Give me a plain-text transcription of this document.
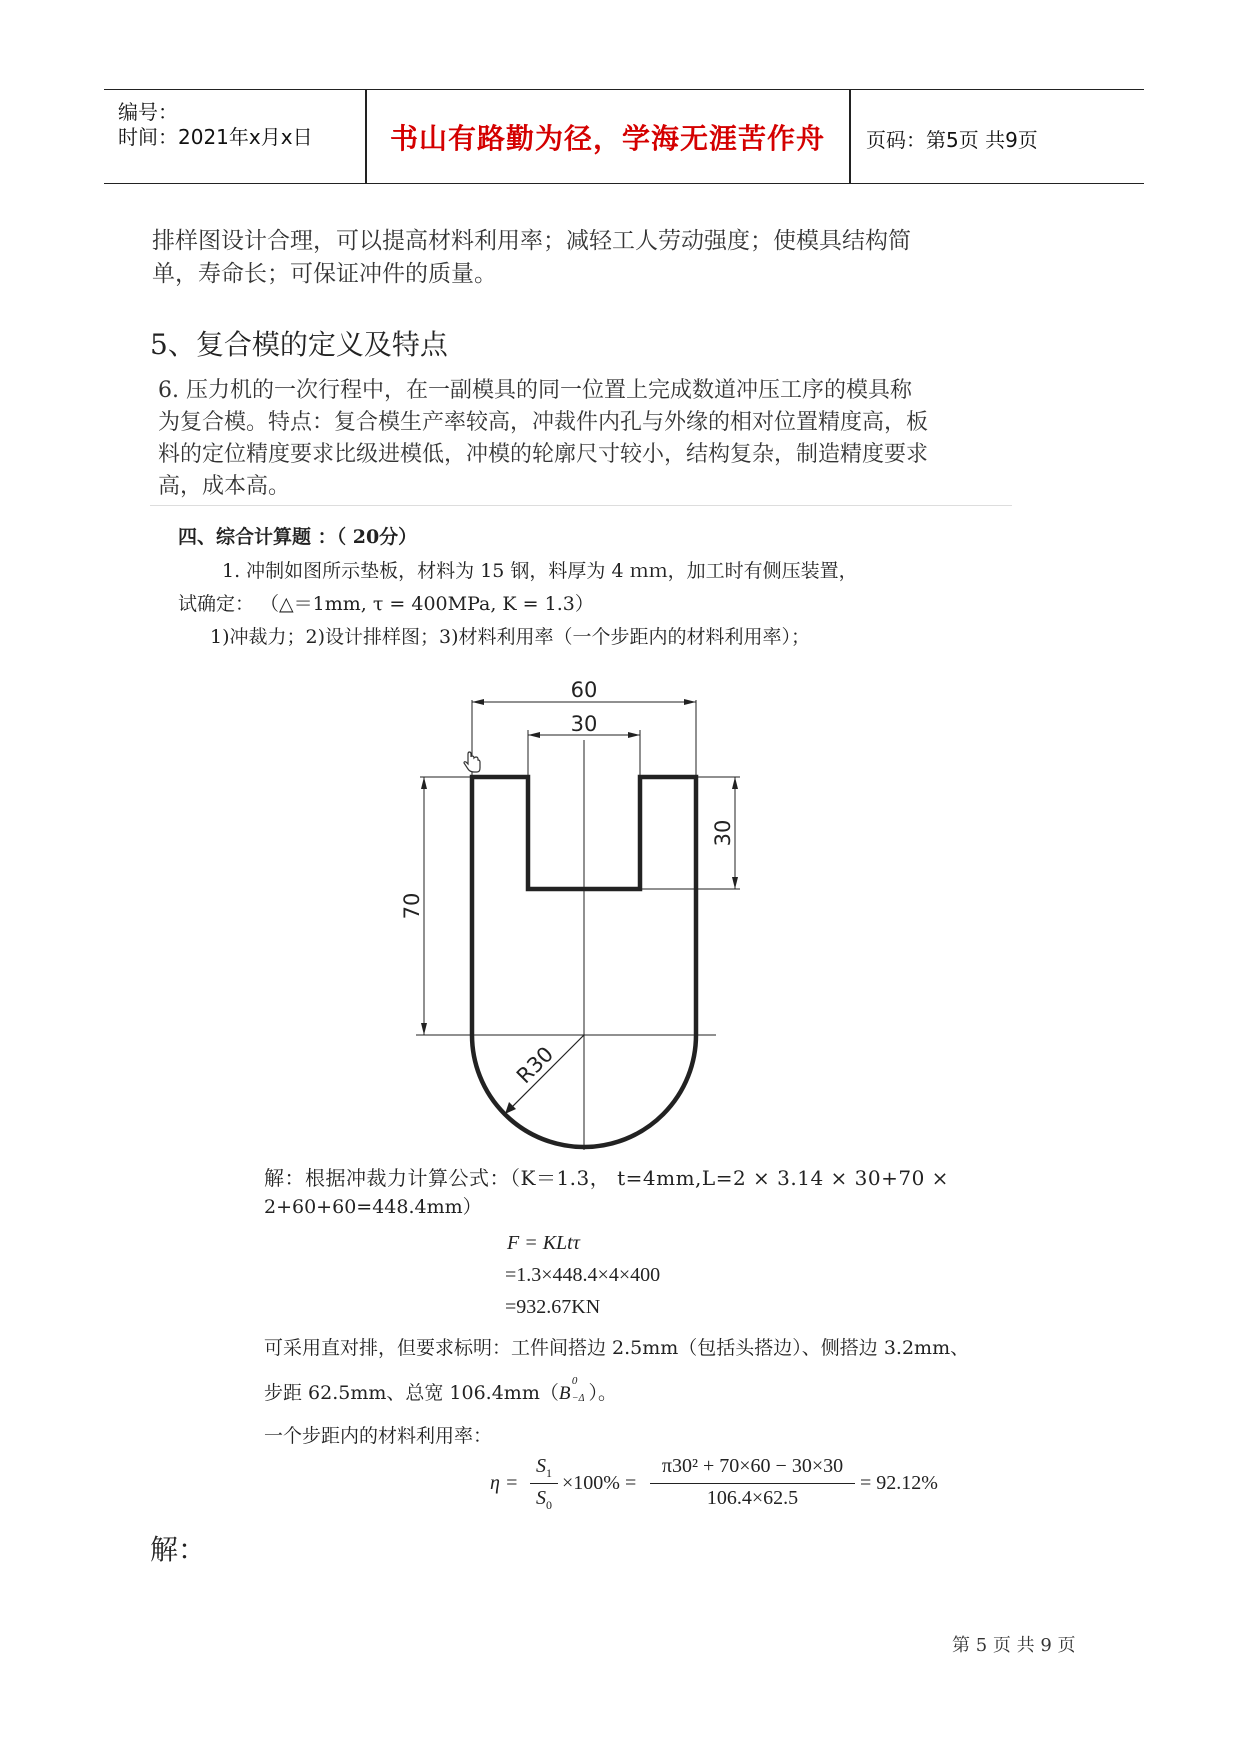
编号：
时间：2021年x月x日	书山有路勤为径，学海无涯苦作舟	页码：第5页 共9页
排样图设计合理，可以提高材料利用率；减轻工人劳动强度；使模具结构简
单，寿命长；可保证冲件的质量。
5、复合模的定义及特点
6. 压力机的一次行程中，在一副模具的同一位置上完成数道冲压工序的模具称
为复合模。特点：复合模生产率较高，冲裁件内孔与外缘的相对位置精度高，板
料的定位精度要求比级进模低，冲模的轮廓尺寸较小，结构复杂，制造精度要求
高，成本高。
四、综合计算题 ：（ 20分）
1. 冲制如图所示垫板，材料为 15 钢，料厚为 4 ｍｍ，加工时有侧压装置，
试确定： （△＝1mm, τ = 400MPa, K = 1.3）
1)冲裁力；2)设计排样图；3)材料利用率（一个步距内的材料利用率）；
60
30
30
70
R30
解：根据冲裁力计算公式：（K＝1.3， t=4mm,L=2 × 3.14 × 30+70 ×
2+60+60=448.4mm）
F = KLtτ
=1.3×448.4×4×400
=932.67KN
可采用直对排，但要求标明：工件间搭边 2.5mm（包括头搭边）、侧搭边 3.2mm、
步距 62.5mm、总宽 106.4mm（B
0
−Δ ）。
一个步距内的材料利用率：
η =
$S_1$
$S_0$
×100% =
π30² + 70×60 − 30×30
106.4×62.5
= 92.12%
解：
第 5 页 共 9 页
